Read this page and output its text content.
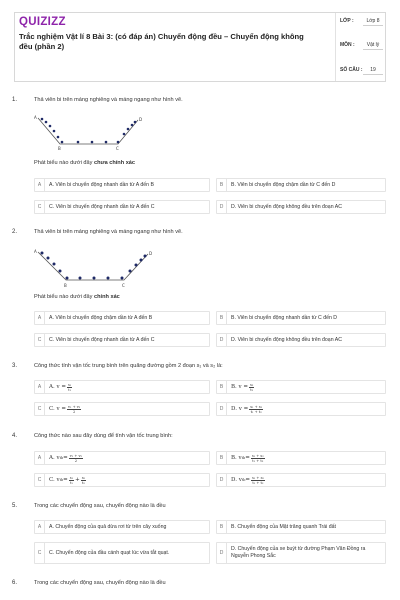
QUIZIZZ
Trắc nghiệm Vật lí 8 Bài 3: (có đáp án) Chuyển động đều – Chuyển động không đều (phần 2)
LỚP :	Lớp 8
MÔN :	Vật lý
SỐ CÂU :	19
1.	Thả viên bi trên máng nghiêng và máng ngang như hình vẽ.
A
B	C
D
Phát biểu nào dưới đây chưa chính xác
A	A. Viên bi chuyển động nhanh dần từ A đến B	B	B. Viên bi chuyển động chậm dần từ C đến D
C	C. Viên bi chuyển động nhanh dần từ A đến C	D	D. Viên bi chuyển động không đều trên đoạn AC
2.	Thả viên bi trên máng nghiêng và máng ngang như hình vẽ.
A
B	C
D
Phát biểu nào dưới đây chính xác
A	A. Viên bi chuyển động chậm dần từ A đến B	B	B. Viên bi chuyển động nhanh dần từ C đến D
C	C. Viên bi chuyển động nhanh dần từ A đến C	D	D. Viên bi chuyển động không đều trên đoạn AC
3.	Công thức tính vận tốc trung bình trên quãng đường gồm 2 đoạn s₁ và s₂ là:
A	A. $v = \frac{\text{s₁}}{\text{t₁}}$	B	B. $v = \frac{\text{s₂}}{\text{t₂}}$
C	C. $v = \frac{\text{v₁ + v₂}}{2}$	D	D. $v = \frac{\text{s₁ + s₂}}{\text{t₁ + t₂}}$
4.	Công thức nào sau đây dùng để tính vận tốc trung bình:
A	A. v tb = $\frac{\text{v₁ + v₂}}{2}$	B	B. v tb = $\frac{\text{s₁ + s₂}}{\text{t₁ + t₂}}$
C	C. v tb = $\frac{\text{s₁}}{\text{t₁}} + \frac{\text{s₂}}{\text{t₂}}$	D	D. v tb = $\frac{\text{s₁ + s₂}}{\text{t₁ + t₂}}$
5.	Trong các chuyển động sau, chuyển động nào là đều
A	A. Chuyển động của quả dừa rơi từ trên cây xuống	B	B. Chuyển động của Mặt trăng quanh Trái đất
C	C. Chuyển động của đầu cánh quạt lúc vừa tắt quạt.	D
D. Chuyển động của xe buýt từ đường Phạm Văn Đồng ra Nguyễn Phong Sắc
6.	Trong các chuyển động sau, chuyển động nào là đều
